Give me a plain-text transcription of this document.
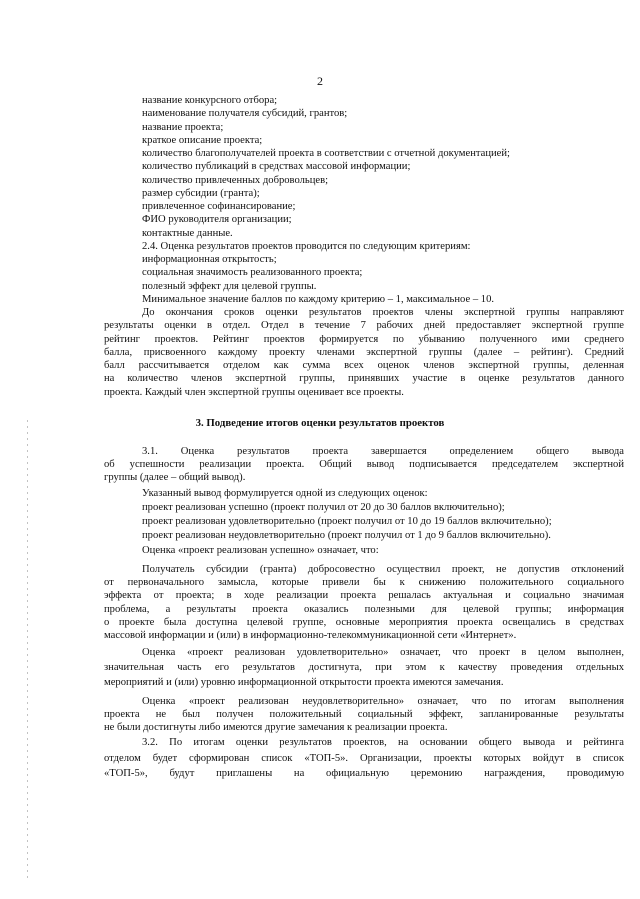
2
название конкурсного отбора;
наименование получателя субсидий, грантов;
название проекта;
краткое описание проекта;
количество благополучателей проекта в соответствии с отчетной документацией;
количество публикаций в средствах массовой информации;
количество привлеченных добровольцев;
размер субсидии (гранта);
привлеченное софинансирование;
ФИО руководителя организации;
контактные данные.
2.4. Оценка результатов проектов проводится по следующим критериям:
информационная открытость;
социальная значимость реализованного проекта;
полезный эффект для целевой группы.
Минимальное значение баллов по каждому критерию – 1, максимальное – 10.
До окончания сроков оценки результатов проектов члены экспертной группы направляют
результаты оценки в отдел. Отдел в течение 7 рабочих дней предоставляет экспертной группе
рейтинг проектов. Рейтинг проектов формируется по убыванию полученного ими среднего
балла, присвоенного каждому проекту членами экспертной группы (далее – рейтинг). Средний
балл рассчитывается отделом как сумма всех оценок членов экспертной группы, деленная
на количество членов экспертной группы, принявших участие в оценке результатов данного
проекта. Каждый член экспертной группы оценивает все проекты.
3. Подведение итогов оценки результатов проектов
3.1. Оценка результатов проекта завершается определением общего вывода
об успешности реализации проекта. Общий вывод подписывается председателем экспертной
группы (далее – общий вывод).
Указанный вывод формулируется одной из следующих оценок:
проект реализован успешно (проект получил от 20 до 30 баллов включительно);
проект реализован удовлетворительно (проект получил от 10 до 19 баллов включительно);
проект реализован неудовлетворительно (проект получил от 1 до 9 баллов включительно).
Оценка «проект реализован успешно» означает, что:
Получатель субсидии (гранта) добросовестно осуществил проект, не допустив отклонений
от первоначального замысла, которые привели бы к снижению положительного социального
эффекта от проекта; в ходе реализации проекта решалась актуальная и социально значимая
проблема, а результаты проекта оказались полезными для целевой группы; информация
о проекте была доступна целевой группе, основные мероприятия проекта освещались в средствах
массовой информации и (или) в информационно-телекоммуникационной сети «Интернет».
Оценка «проект реализован удовлетворительно» означает, что проект в целом выполнен,
значительная часть его результатов достигнута, при этом к качеству проведения отдельных
мероприятий и (или) уровню информационной открытости проекта имеются замечания.
Оценка «проект реализован неудовлетворительно» означает, что по итогам выполнения
проекта не был получен положительный социальный эффект, запланированные результаты
не были достигнуты либо имеются другие замечания к реализации проекта.
3.2. По итогам оценки результатов проектов, на основании общего вывода и рейтинга
отделом будет сформирован список «ТОП-5». Организации, проекты которых войдут в список
«ТОП-5», будут приглашены на официальную церемонию награждения, проводимую
